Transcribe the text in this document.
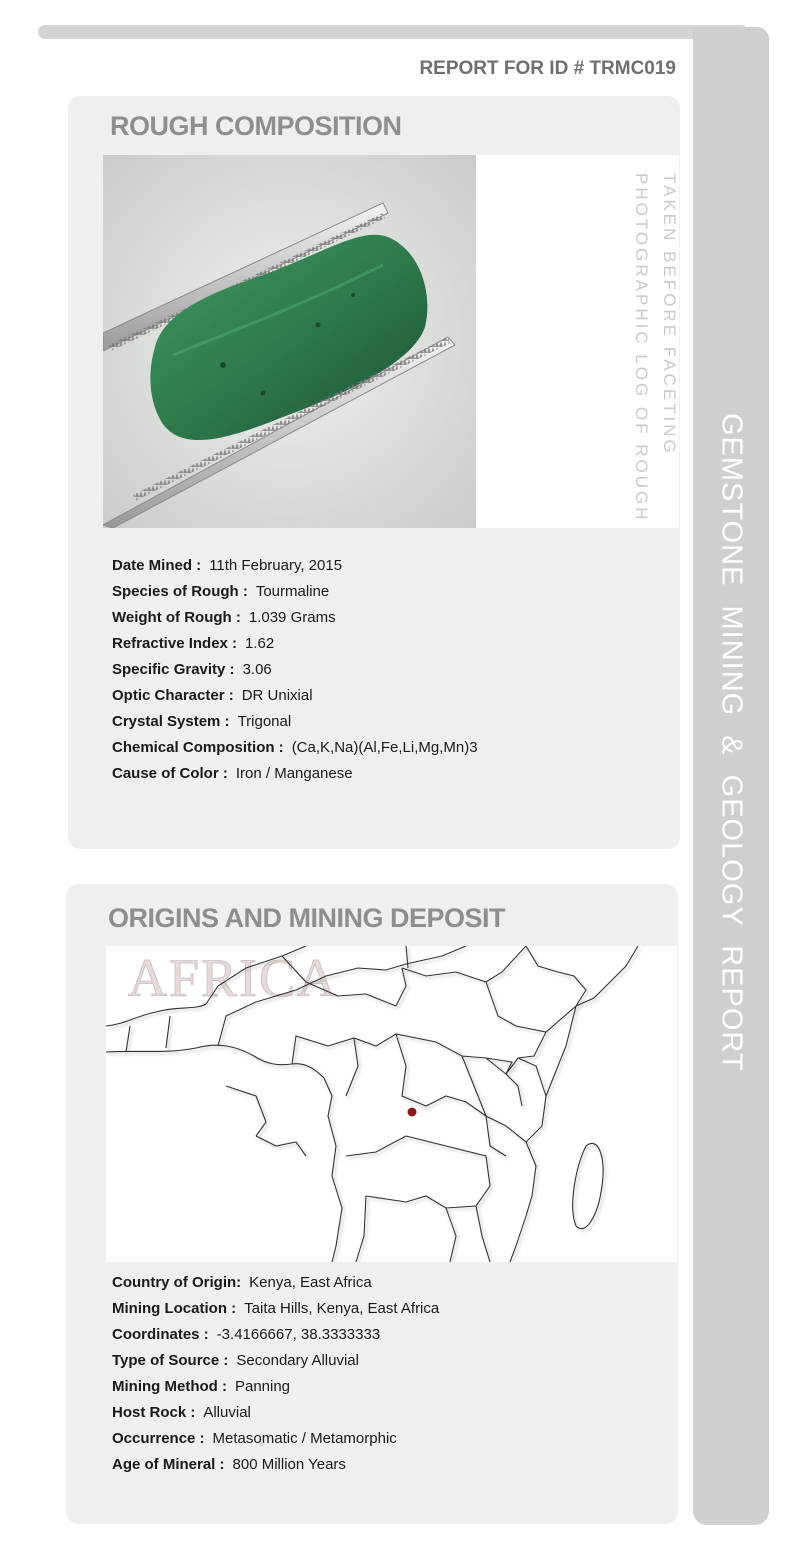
GEMSTONE MINING & GEOLOGY REPORT
REPORT FOR ID # TRMC019
ROUGH COMPOSITION
PHOTOGRAPHIC LOG OF ROUGH TAKEN BEFORE FACETING
Date Mined : 11th February, 2015
Species of Rough : Tourmaline
Weight of Rough : 1.039 Grams
Refractive Index : 1.62
Specific Gravity : 3.06
Optic Character : DR Unixial
Crystal System : Trigonal
Chemical Composition : (Ca,K,Na)(Al,Fe,Li,Mg,Mn)3
Cause of Color : Iron / Manganese
ORIGINS AND MINING DEPOSIT
AFRICA
Country of Origin: Kenya, East Africa
Mining Location : Taita Hills, Kenya, East Africa
Coordinates : -3.4166667, 38.3333333
Type of Source : Secondary Alluvial
Mining Method : Panning
Host Rock : Alluvial
Occurrence : Metasomatic / Metamorphic
Age of Mineral : 800 Million Years
